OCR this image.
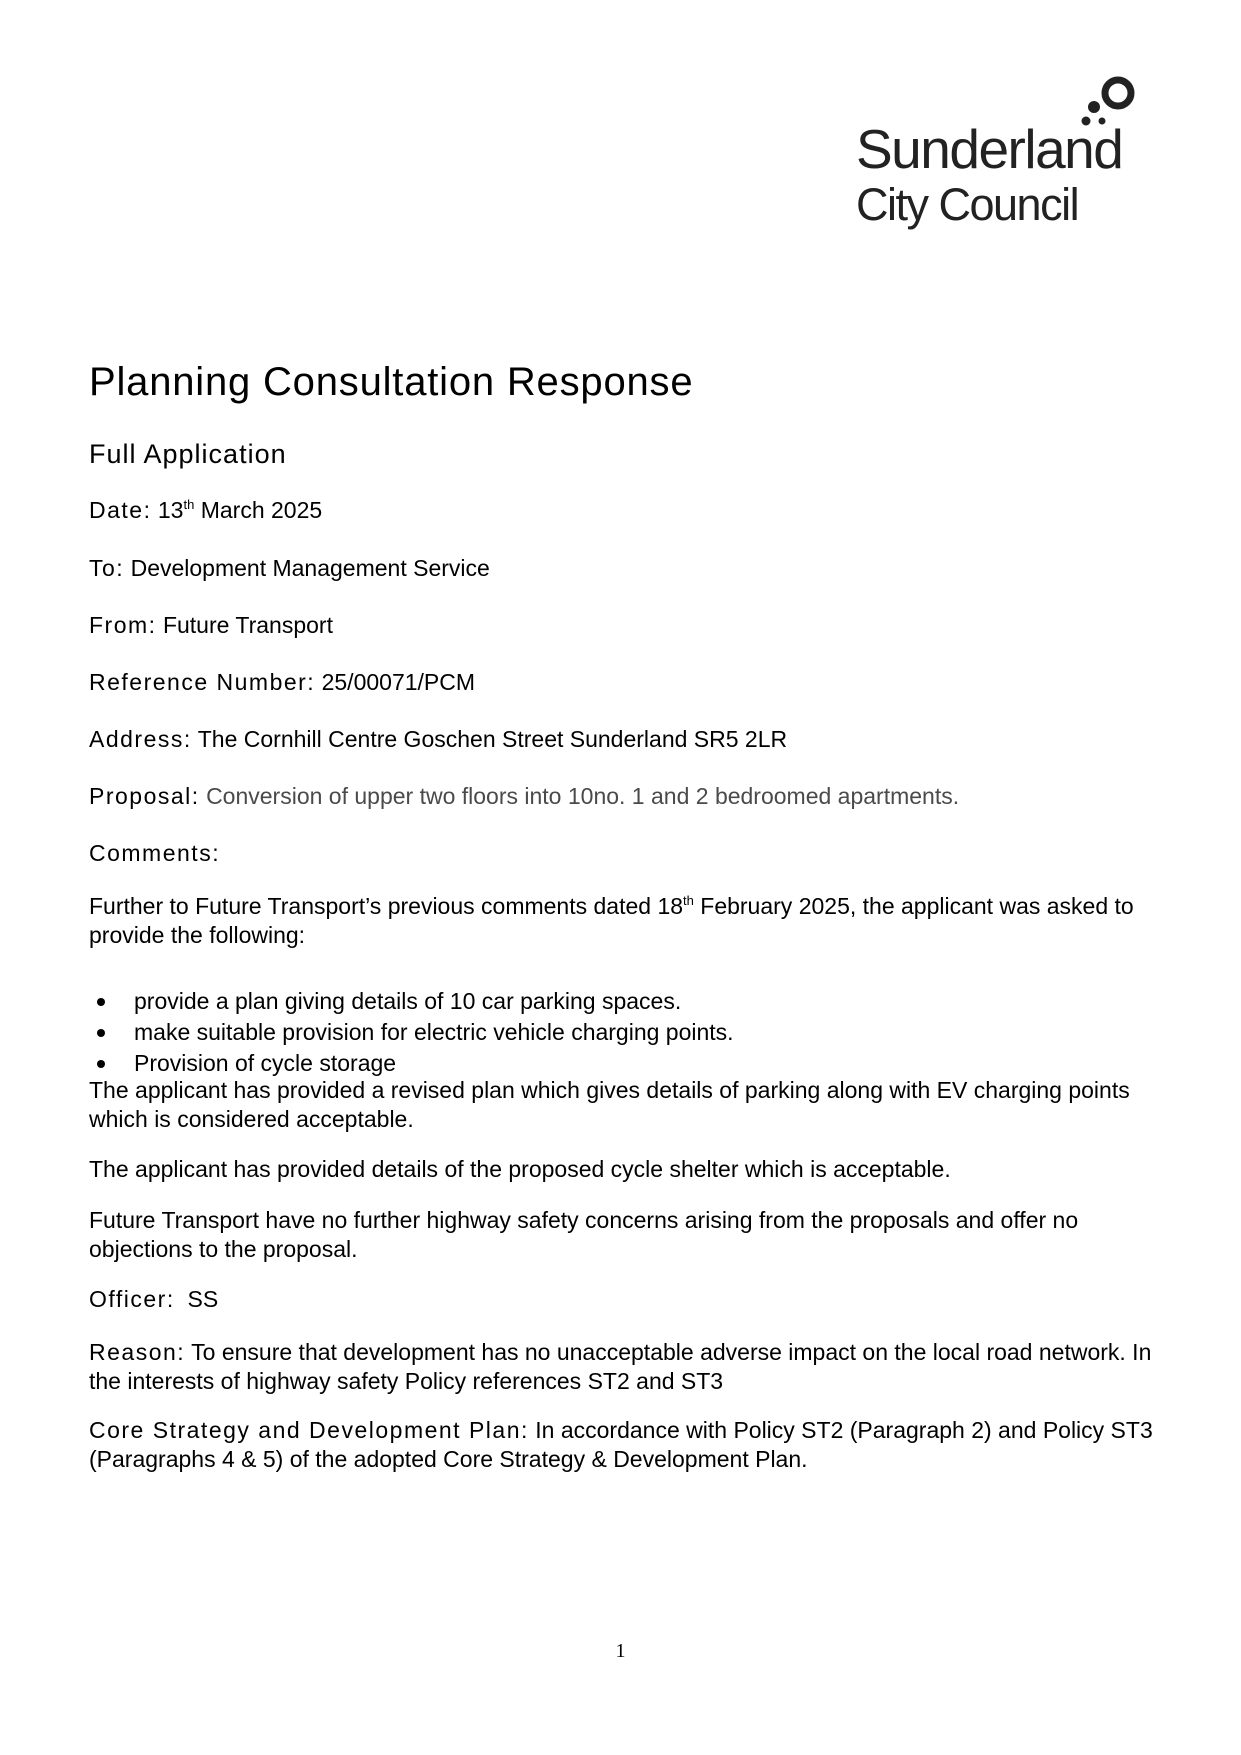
Sunderland
City Council
Planning Consultation Response
Full Application
Date: 13th March 2025
To: Development Management Service
From: Future Transport
Reference Number: 25/00071/PCM
Address: The Cornhill Centre Goschen Street Sunderland SR5 2LR
Proposal: Conversion of upper two floors into 10no. 1 and 2 bedroomed apartments.
Comments:
Further to Future Transport’s previous comments dated 18th February 2025, the applicant was asked to provide the following:
provide a plan giving details of 10 car parking spaces.
make suitable provision for electric vehicle charging points.
Provision of cycle storage
The applicant has provided a revised plan which gives details of parking along with EV charging points which is considered acceptable.
The applicant has provided details of the proposed cycle shelter which is acceptable.
Future Transport have no further highway safety concerns arising from the proposals and offer no objections to the proposal.
Officer: SS
Reason: To ensure that development has no unacceptable adverse impact on the local road network. In the interests of highway safety Policy references ST2 and ST3
Core Strategy and Development Plan: In accordance with Policy ST2 (Paragraph 2) and Policy ST3 (Paragraphs 4 & 5) of the adopted Core Strategy & Development Plan.
1
